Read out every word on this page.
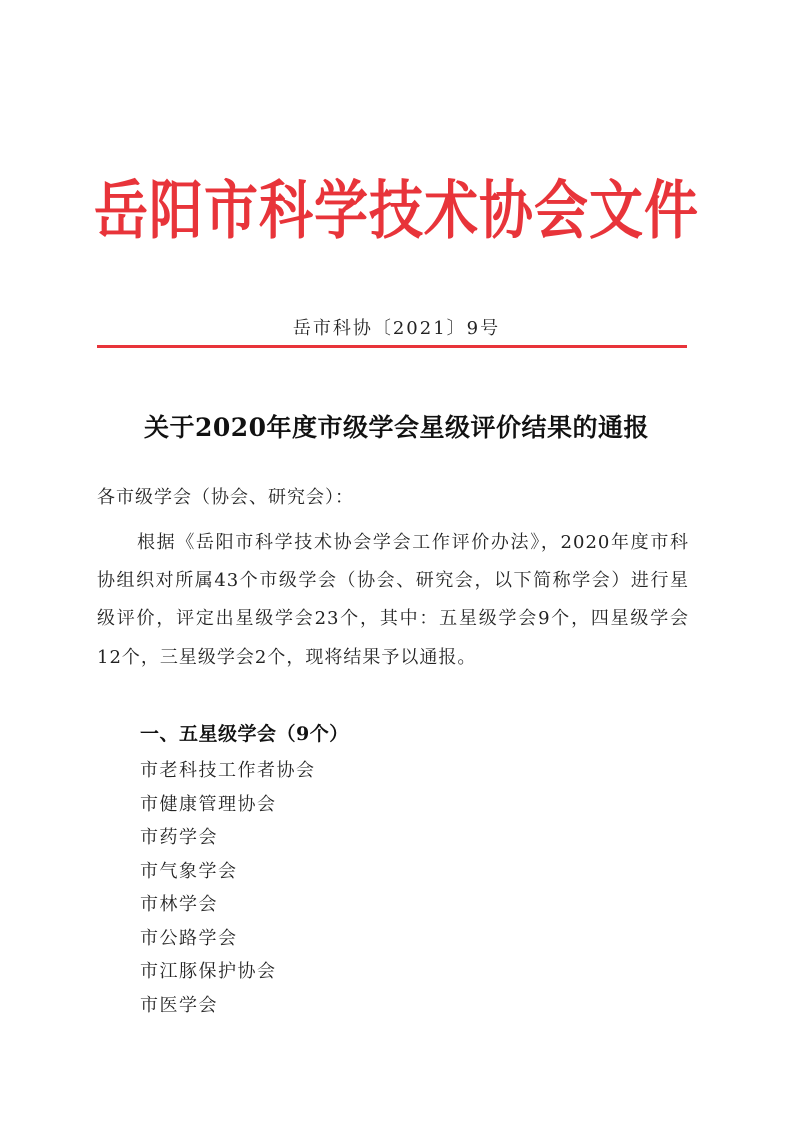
岳阳市科学技术协会文件
岳市科协〔2021〕9号
关于2020年度市级学会星级评价结果的通报
各市级学会（协会、研究会）：
根据《岳阳市科学技术协会学会工作评价办法》，2020年度市科协组织对所属43个市级学会（协会、研究会，以下简称学会）进行星级评价，评定出星级学会23个，其中：五星级学会9个，四星级学会12个，三星级学会2个，现将结果予以通报。
一、五星级学会（9个）
市老科技工作者协会
市健康管理协会
市药学会
市气象学会
市林学会
市公路学会
市江豚保护协会
市医学会
